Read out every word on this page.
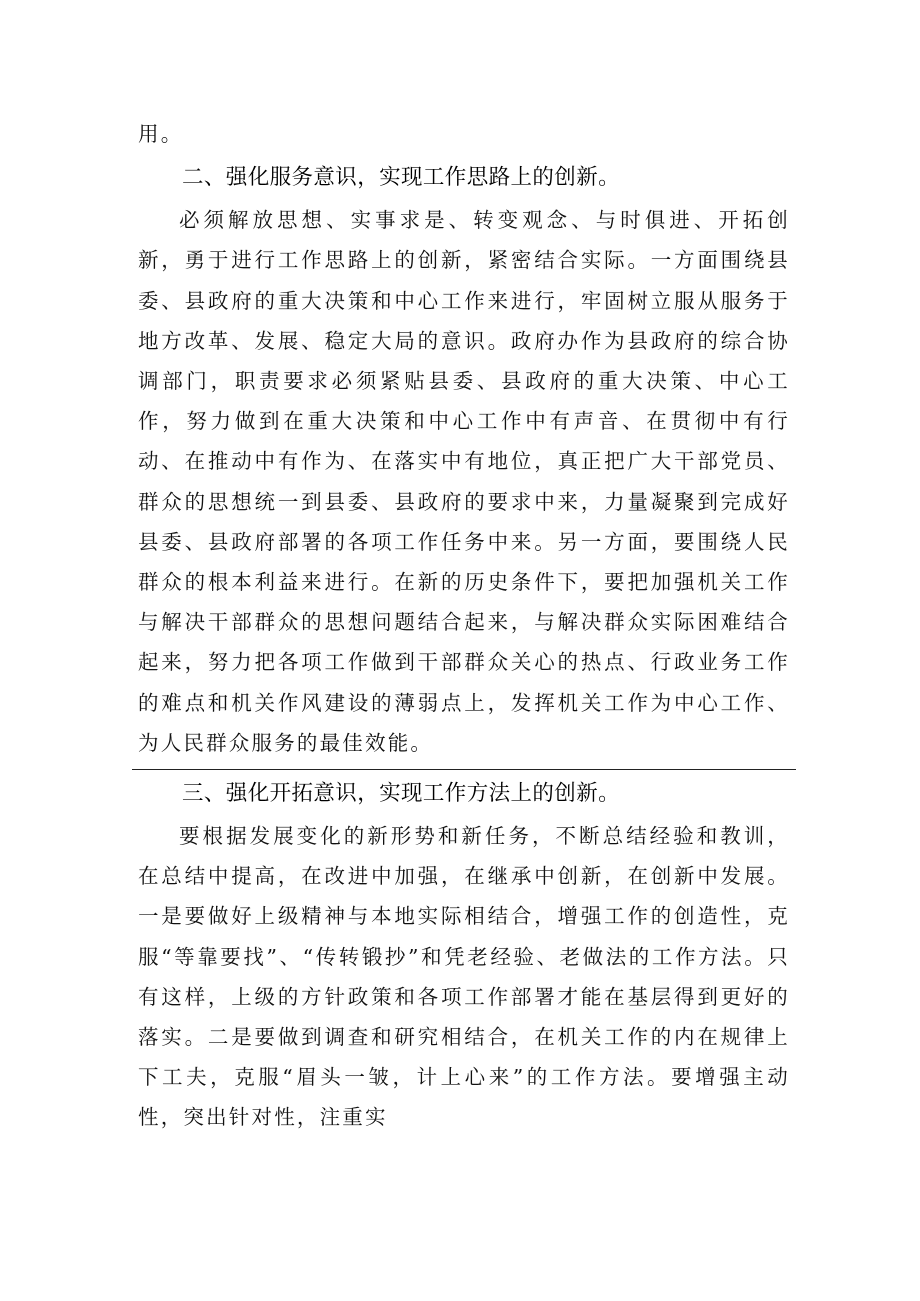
用。

二、强化服务意识，实现工作思路上的创新。

必须解放思想、实事求是、转变观念、与时俱进、开拓创新，勇于进行工作思路上的创新，紧密结合实际。一方面围绕县委、县政府的重大决策和中心工作来进行，牢固树立服从服务于地方改革、发展、稳定大局的意识。政府办作为县政府的综合协调部门，职责要求必须紧贴县委、县政府的重大决策、中心工作，努力做到在重大决策和中心工作中有声音、在贯彻中有行动、在推动中有作为、在落实中有地位，真正把广大干部党员、群众的思想统一到县委、县政府的要求中来，力量凝聚到完成好县委、县政府部署的各项工作任务中来。另一方面，要围绕人民群众的根本利益来进行。在新的历史条件下，要把加强机关工作与解决干部群众的思想问题结合起来，与解决群众实际困难结合起来，努力把各项工作做到干部群众关心的热点、行政业务工作的难点和机关作风建设的薄弱点上，发挥机关工作为中心工作、为人民群众服务的最佳效能。

三、强化开拓意识，实现工作方法上的创新。

要根据发展变化的新形势和新任务，不断总结经验和教训，在总结中提高，在改进中加强，在继承中创新，在创新中发展。一是要做好上级精神与本地实际相结合，增强工作的创造性，克服“等靠要找”、“传转锻抄”和凭老经验、老做法的工作方法。只有这样，上级的方针政策和各项工作部署才能在基层得到更好的落实。二是要做到调查和研究相结合，在机关工作的内在规律上下工夫，克服“眉头一皱，计上心来”的工作方法。要增强主动性，突出针对性，注重实
